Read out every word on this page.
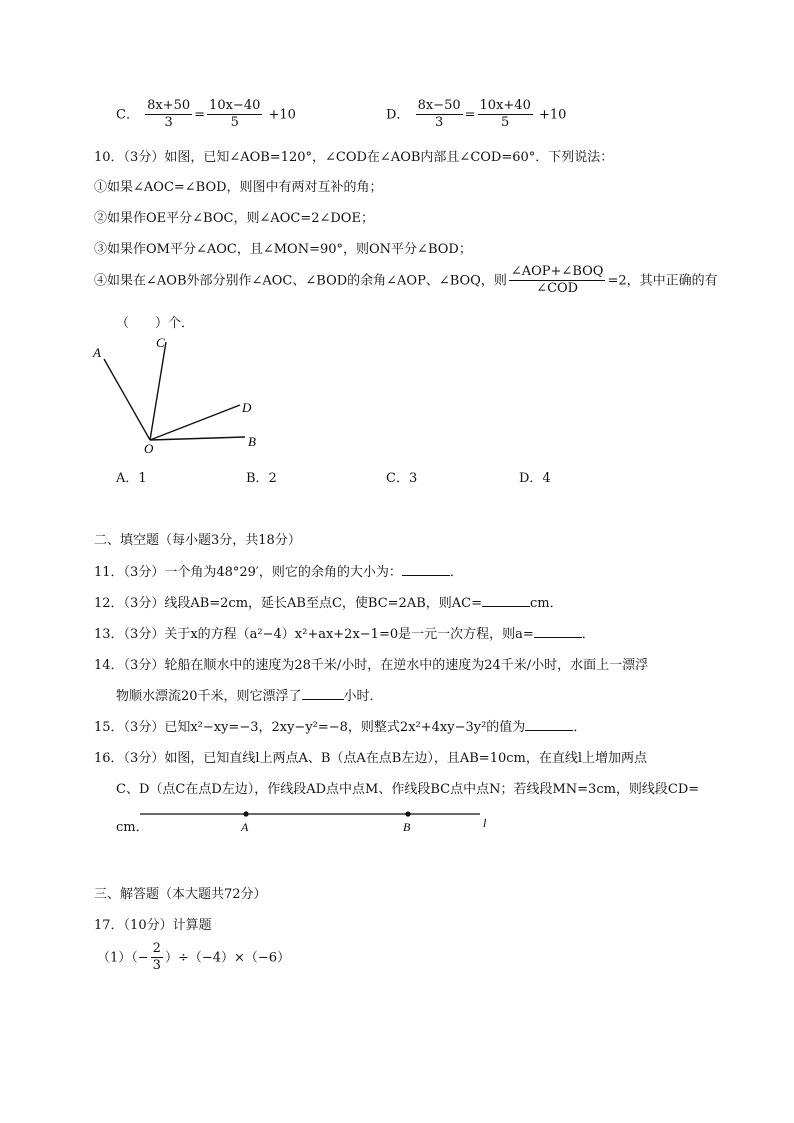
C． $\frac{8x+50}{3} = \frac{10x-40}{5} +10$	D． $\frac{8x-50}{3} = \frac{10x+40}{5} +10$
10．（3分）如图，已知∠AOB=120°，∠COD在∠AOB内部且∠COD=60°．下列说法：
①如果∠AOC=∠BOD，则图中有两对互补的角；
②如果作OE平分∠BOC，则∠AOC=2∠DOE；
③如果作OM平分∠AOC，且∠MON=90°，则ON平分∠BOD；
④如果在∠AOB外部分别作∠AOC、∠BOD的余角∠AOP、∠BOQ，则 $\frac{\text{∠AOP+∠BOQ}}{\text{∠COD}} =2$，其中正确的有
（　　）个．
A
C
D
B
O
A．1	B．2	C．3	D．4
二、填空题（每小题3分，共18分）
11．（3分）一个角为48°29′，则它的余角的大小为：	．
12．（3分）线段AB=2cm，延长AB至点C，使BC=2AB，则AC=	cm．
13．（3分）关于x的方程（a²−4）x²+ax+2x−1=0是一元一次方程，则a=	．
14．（3分）轮船在顺水中的速度为28千米/小时，在逆水中的速度为24千米/小时，水面上一漂浮
物顺水漂流20千米，则它漂浮了	小时．
15．（3分）已知x²−xy=−3，2xy−y²=−8，则整式2x²+4xy−3y²的值为	．
16．（3分）如图，已知直线l上两点A、B（点A在点B左边），且AB=10cm，在直线l上增加两点
C、D（点C在点D左边），作线段AD点中点M、作线段BC点中点N；若线段MN=3cm，则线段CD=
cm．	A	B	l
三、解答题（本大题共72分）
17．（10分）计算题
$(1)(- \frac{2}{3} )\div(-4)\times(-6)$
